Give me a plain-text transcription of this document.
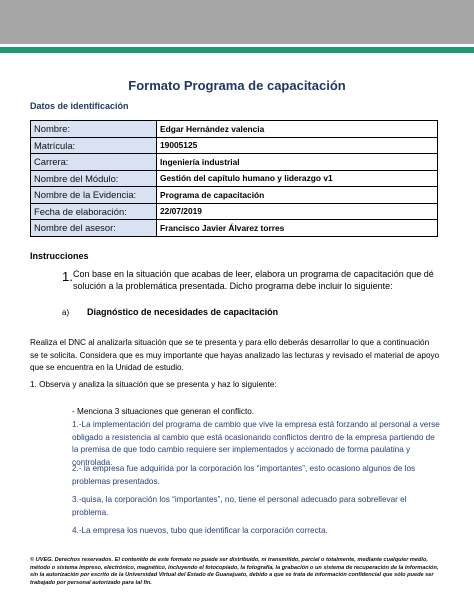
Formato Programa de capacitación
Datos de identificación
Nombre:	Edgar Hernández valencia
Matrícula:	19005125
Carrera:	Ingeniería industrial
Nombre del Módulo:	Gestión del capítulo humano y liderazgo v1
Nombre de la Evidencia:	Programa de capacitación
Fecha de elaboración:	22/07/2019
Nombre del asesor:	Francisco Javier Álvarez torres
Instrucciones
1. Con base en la situación que acabas de leer, elabora un programa de capacitación que dé solución a la problemática presentada. Dicho programa debe incluir lo siguiente:
a) Diagnóstico de necesidades de capacitación
Realiza el DNC al analizarla situación que se te presenta y para ello deberás desarrollar lo que a continuación se te solicita. Considera que es muy importante que hayas analizado las lecturas y revisado el material de apoyo que se encuentra en la Unidad de estudio.
1. Observa y analiza la situación que se presenta y haz lo siguiente:
- Menciona 3 situaciones que generan el conflicto.
1.-La implementación del programa de cambio que vive la empresa está forzando al personal a verse obligado a resistencia al cambio que está ocasionando conflictos dentro de la empresa partiendo de la premisa de que todo cambio requiere ser implementados y accionado de forma paulatina y controlada.
2.- la empresa fue adquirida por la corporación los “importantes”, esto ocasiono algunos de los problemas presentados.
3.-quisa, la corporación los “importantes”, no, tiene el personal adecuado para sobrellevar el problema.
4.-La empresa los nuevos, tubo que identificar la corporación correcta.
© UVEG. Derechos reservados. El contenido de este formato no puede ser distribuido, ni transmitido, parcial o totalmente, mediante cualquier medio, método o sistema impreso, electrónico, magnético, incluyendo el fotocopiado, la fotografía, la grabación o un sistema de recuperación de la información, sin la autorización por escrito de la Universidad Virtual del Estado de Guanajuato, debido a que se trata de información confidencial que sólo puede ser trabajado por personal autorizado para tal fin.
